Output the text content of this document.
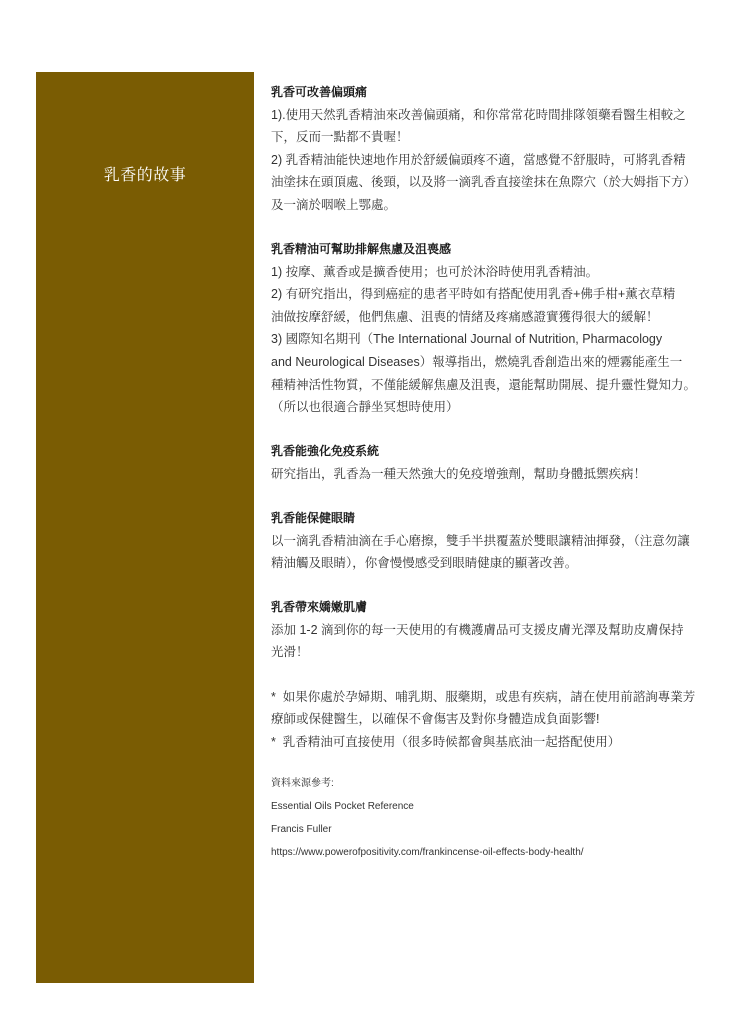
乳香的故事
乳香可改善偏頭痛
1).使用天然乳香精油來改善偏頭痛，和你常常花時間排隊領藥看醫生相較之
下，反而一點都不貴喔！
2) 乳香精油能快速地作用於舒緩偏頭疼不適，當感覺不舒服時，可將乳香精
油塗抹在頭頂處、後頸，以及將一滴乳香直接塗抹在魚際穴（於大姆指下方）
及一滴於咽喉上鄂處。
乳香精油可幫助排解焦慮及沮喪感
1) 按摩、薰香或是擴香使用；也可於沐浴時使用乳香精油。
2) 有研究指出，得到癌症的患者平時如有搭配使用乳香+佛手柑+薰衣草精
油做按摩舒緩，他們焦慮、沮喪的情緒及疼痛感證實獲得很大的緩解！
3) 國際知名期刊（The International Journal of Nutrition, Pharmacology
and Neurological Diseases）報導指出，燃燒乳香創造出來的煙霧能產生一
種精神活性物質，不僅能緩解焦慮及沮喪，還能幫助開展、提升靈性覺知力。
（所以也很適合靜坐冥想時使用）
乳香能強化免疫系統
研究指出，乳香為一種天然強大的免疫增強劑，幫助身體抵禦疾病！
乳香能保健眼睛
以一滴乳香精油滴在手心磨擦，雙手半拱覆蓋於雙眼讓精油揮發，（注意勿讓
精油觸及眼睛），你會慢慢感受到眼睛健康的顯著改善。
乳香帶來嬌嫩肌膚
添加 1-2 滴到你的每一天使用的有機護膚品可支援皮膚光澤及幫助皮膚保持
光滑！
*  如果你處於孕婦期、哺乳期、服藥期，或患有疾病，請在使用前諮詢專業芳
療師或保健醫生，以確保不會傷害及對你身體造成負面影響!
*  乳香精油可直接使用（很多時候都會與基底油一起搭配使用）
資料來源參考:
Essential Oils Pocket Reference
Francis Fuller
https://www.powerofpositivity.com/frankincense-oil-effects-body-health/
